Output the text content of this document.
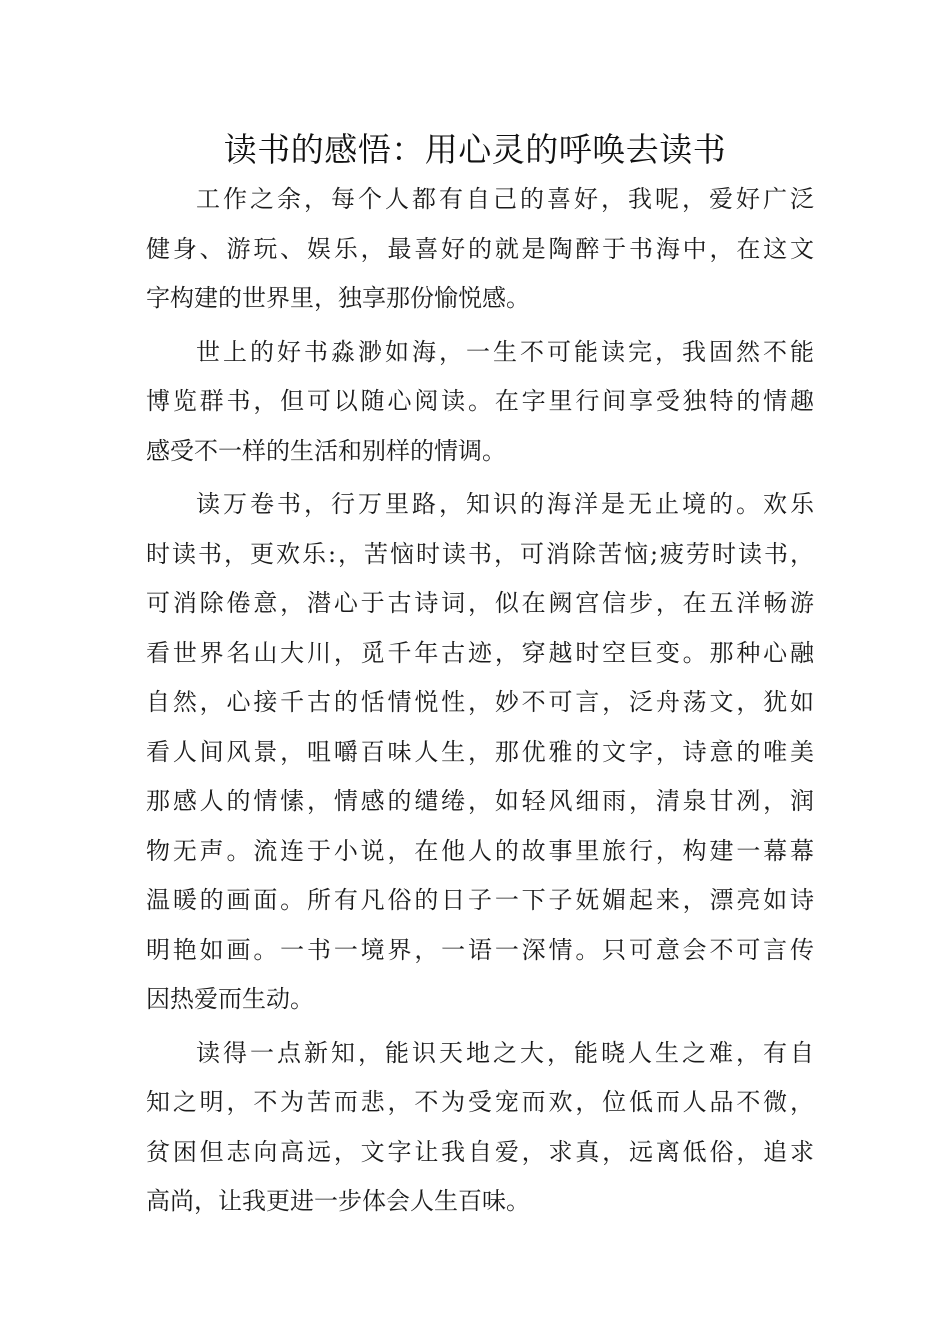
读书的感悟：用心灵的呼唤去读书
工作之余，每个人都有自己的喜好，我呢，爱好广泛
健身、游玩、娱乐，最喜好的就是陶醉于书海中，在这文
字构建的世界里，独享那份愉悦感。
世上的好书淼渺如海，一生不可能读完，我固然不能
博览群书，但可以随心阅读。在字里行间享受独特的情趣
感受不一样的生活和别样的情调。
读万卷书，行万里路，知识的海洋是无止境的。欢乐
时读书，更欢乐:，苦恼时读书，可消除苦恼;疲劳时读书，
可消除倦意，潜心于古诗词，似在阙宫信步，在五洋畅游
看世界名山大川，觅千年古迹，穿越时空巨变。那种心融
自然，心接千古的恬情悦性，妙不可言，泛舟荡文，犹如
看人间风景，咀嚼百味人生，那优雅的文字，诗意的唯美
那感人的情愫，情感的缱绻，如轻风细雨，清泉甘冽，润
物无声。流连于小说，在他人的故事里旅行，构建一幕幕
温暖的画面。所有凡俗的日子一下子妩媚起来，漂亮如诗
明艳如画。一书一境界，一语一深情。只可意会不可言传
因热爱而生动。
读得一点新知，能识天地之大，能晓人生之难，有自
知之明，不为苦而悲，不为受宠而欢，位低而人品不微，
贫困但志向高远，文字让我自爱，求真，远离低俗，追求
高尚，让我更进一步体会人生百味。
